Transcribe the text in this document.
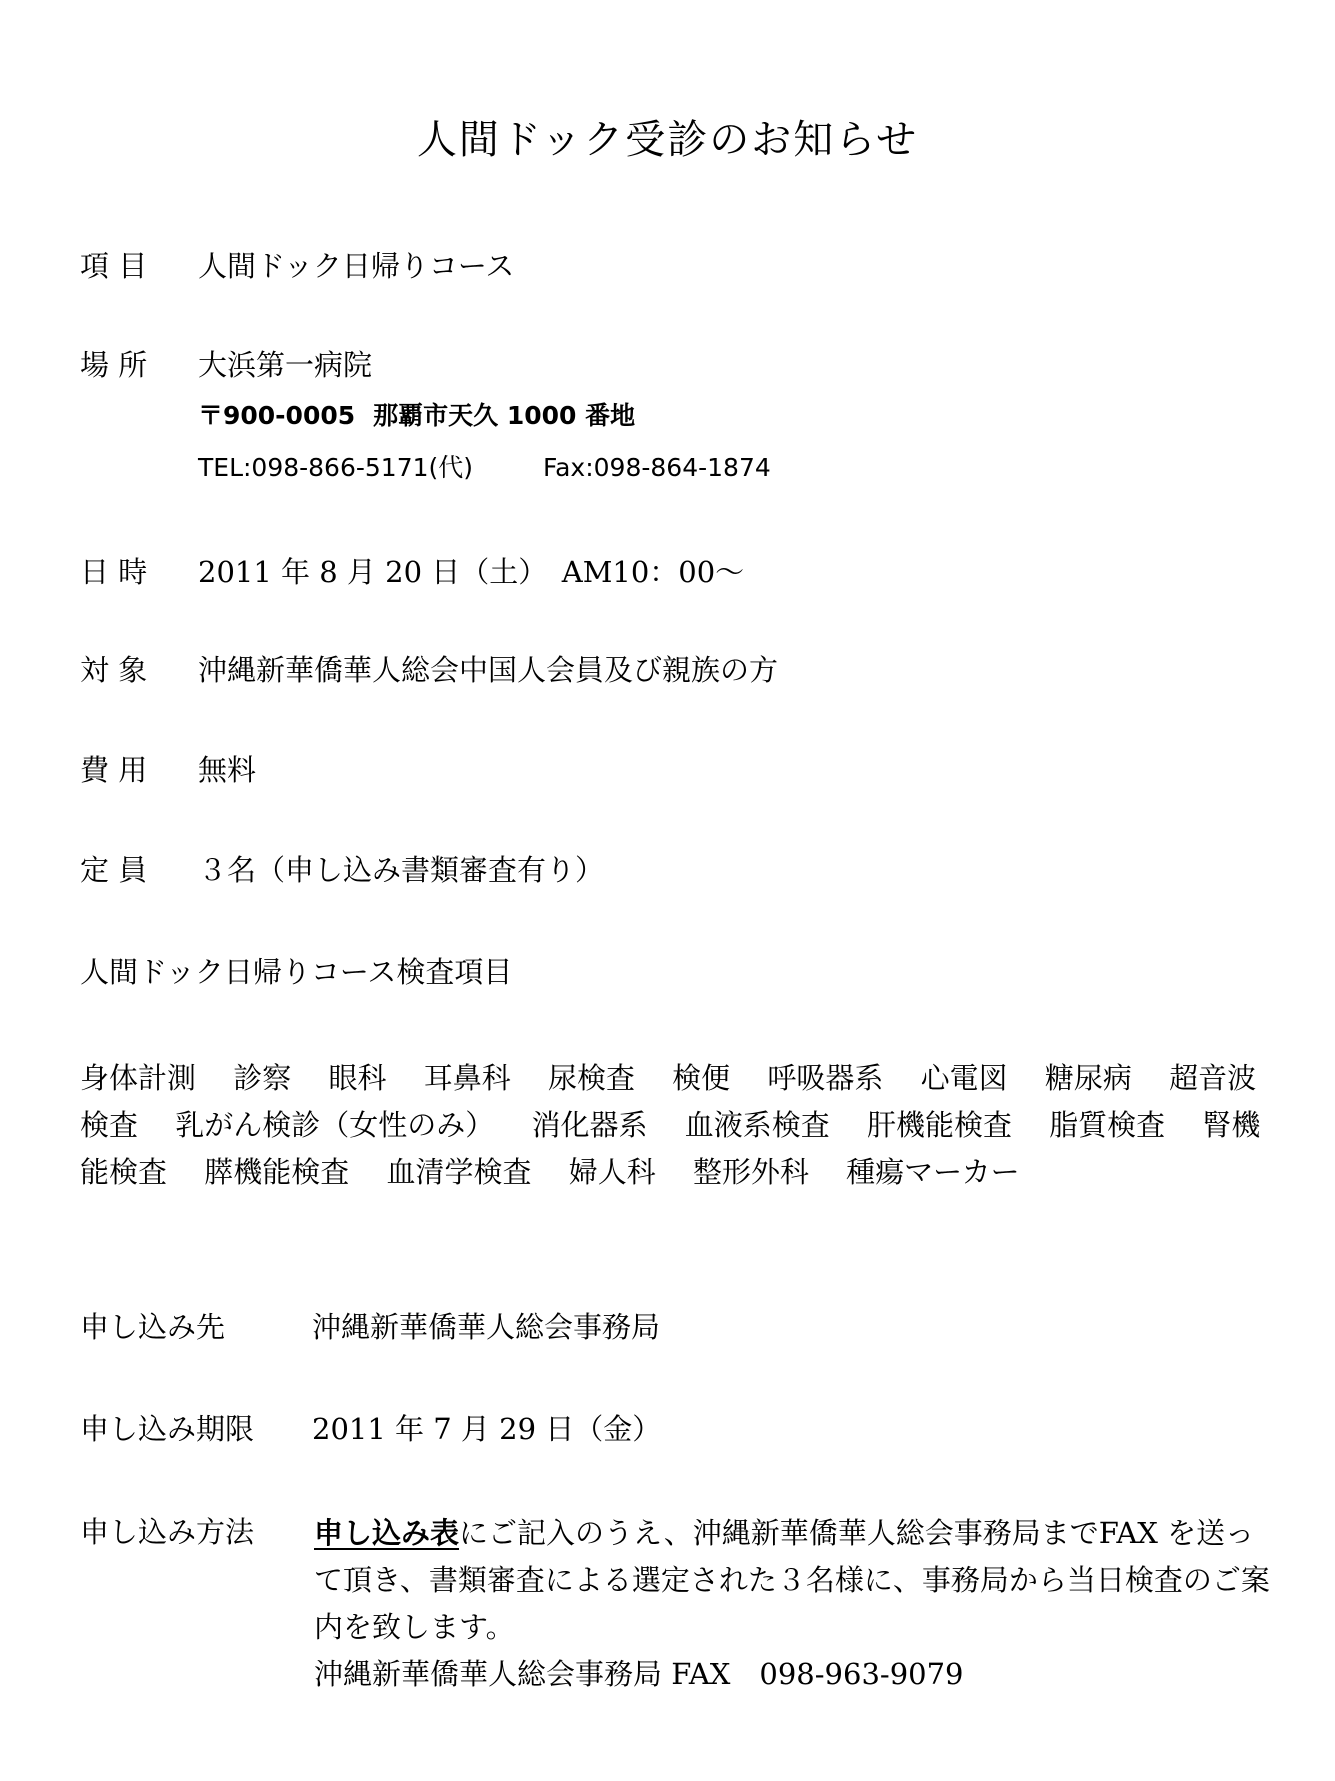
人間ドック受診のお知らせ
項 目 人間ドック日帰りコース
場 所 大浜第一病院
〒900-0005 那覇市天久 1000 番地
TEL:098-866-5171(代)	Fax:098-864-1874
日 時 2011 年 8 月 20 日（土）　AM10：00～
対 象 沖縄新華僑華人総会中国人会員及び親族の方
費 用 無料
定 員 ３名（申し込み書類審査有り）
人間ドック日帰りコース検査項目
身体計測 診察 眼科 耳鼻科 尿検査 検便 呼吸器系 心電図 糖尿病 超音波検査 乳がん検診（女性のみ） 消化器系 血液系検査 肝機能検査 脂質検査 腎機能検査 膵機能検査 血清学検査 婦人科 整形外科 種瘍マーカー
申し込み先	沖縄新華僑華人総会事務局
申し込み期限 2011 年 7 月 29 日（金）
申し込み方法 申し込み表にご記入のうえ、沖縄新華僑華人総会事務局までFAX を送って頂き、書類審査による選定された３名様に、事務局から当日検査のご案内を致します。
沖縄新華僑華人総会事務局 FAX　098-963-9079
